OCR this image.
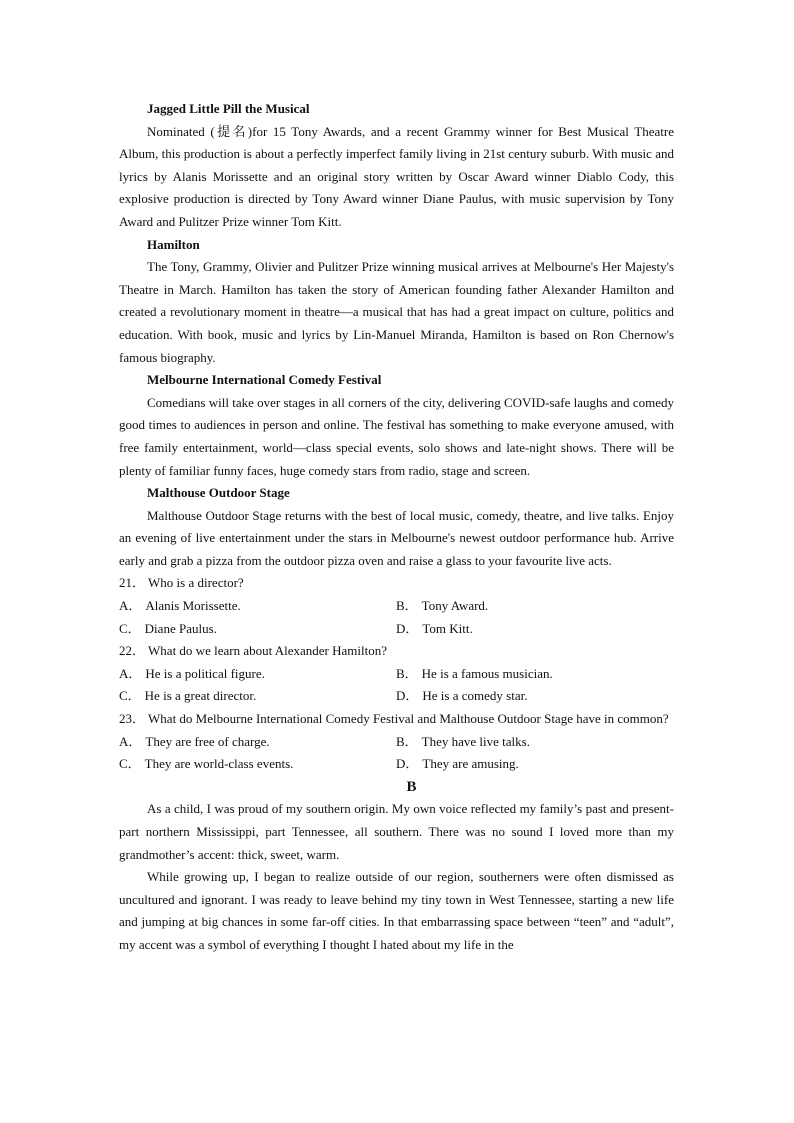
Jagged Little Pill the Musical
Nominated (提名)for 15 Tony Awards, and a recent Grammy winner for Best Musical Theatre Album, this production is about a perfectly imperfect family living in 21st century suburb. With music and lyrics by Alanis Morissette and an original story written by Oscar Award winner Diablo Cody, this explosive production is directed by Tony Award winner Diane Paulus, with music supervision by Tony Award and Pulitzer Prize winner Tom Kitt.
Hamilton
The Tony, Grammy, Olivier and Pulitzer Prize winning musical arrives at Melbourne's Her Majesty's Theatre in March. Hamilton has taken the story of American founding father Alexander Hamilton and created a revolutionary moment in theatre—a musical that has had a great impact on culture, politics and education. With book, music and lyrics by Lin-Manuel Miranda, Hamilton is based on Ron Chernow's famous biography.
Melbourne International Comedy Festival
Comedians will take over stages in all corners of the city, delivering COVID-safe laughs and comedy good times to audiences in person and online. The festival has something to make everyone amused, with free family entertainment, world—class special events, solo shows and late-night shows. There will be plenty of familiar funny faces, huge comedy stars from radio, stage and screen.
Malthouse Outdoor Stage
Malthouse Outdoor Stage returns with the best of local music, comedy, theatre, and live talks. Enjoy an evening of live entertainment under the stars in Melbourne's newest outdoor performance hub. Arrive early and grab a pizza from the outdoor pizza oven and raise a glass to your favourite live acts.
21． Who is a director?
A． Alanis Morissette.	B． Tony Award.
C． Diane Paulus.	D． Tom Kitt.
22． What do we learn about Alexander Hamilton?
A． He is a political figure.	B． He is a famous musician.
C． He is a great director.	D． He is a comedy star.
23． What do Melbourne International Comedy Festival and Malthouse Outdoor Stage have in common?
A． They are free of charge.	B． They have live talks.
C． They are world-class events.	D． They are amusing.
B
As a child, I was proud of my southern origin. My own voice reflected my family’s past and present-part northern Mississippi, part Tennessee, all southern. There was no sound I loved more than my grandmother’s accent: thick, sweet, warm.
While growing up, I began to realize outside of our region, southerners were often dismissed as uncultured and ignorant. I was ready to leave behind my tiny town in West Tennessee, starting a new life and jumping at big chances in some far-off cities. In that embarrassing space between “teen” and “adult”, my accent was a symbol of everything I thought I hated about my life in the
